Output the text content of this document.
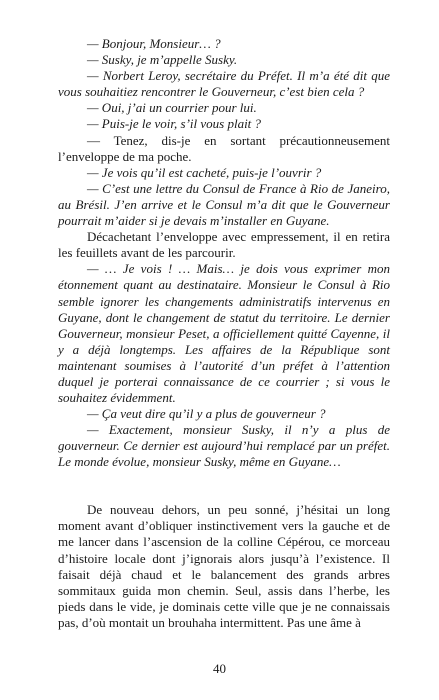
— Bonjour, Monsieur… ?

— Susky, je m’appelle Susky.

— Norbert Leroy, secrétaire du Préfet. Il m’a été dit que vous souhaitiez rencontrer le Gouverneur, c’est bien cela ?

— Oui, j’ai un courrier pour lui.

— Puis-je le voir, s’il vous plait ?

— Tenez, dis-je en sortant précautionneusement l’enveloppe de ma poche.

— Je vois qu’il est cacheté, puis-je l’ouvrir ?

— C’est une lettre du Consul de France à Rio de Janeiro, au Brésil. J’en arrive et le Consul m’a dit que le Gouverneur pourrait m’aider si je devais m’installer en Guyane.

Décachetant l’enveloppe avec empressement, il en retira les feuillets avant de les parcourir.

— … Je vois ! … Mais… je dois vous exprimer mon étonnement quant au destinataire. Monsieur le Consul à Rio semble ignorer les changements administratifs intervenus en Guyane, dont le changement de statut du territoire. Le dernier Gouverneur, monsieur Peset, a officiellement quitté Cayenne, il y a déjà longtemps. Les affaires de la République sont maintenant soumises à l’autorité d’un préfet à l’attention duquel je porterai connaissance de ce courrier ; si vous le souhaitez évidemment.

— Ça veut dire qu’il y a plus de gouverneur ?

— Exactement, monsieur Susky, il n’y a plus de gouverneur. Ce dernier est aujourd’hui remplacé par un préfet. Le monde évolue, monsieur Susky, même en Guyane…

De nouveau dehors, un peu sonné, j’hésitai un long moment avant d’obliquer instinctivement vers la gauche et de me lancer dans l’ascension de la colline Cépérou, ce morceau d’histoire locale dont j’ignorais alors jusqu’à l’existence. Il faisait déjà chaud et le balancement des grands arbres sommitaux guida mon chemin. Seul, assis dans l’herbe, les pieds dans le vide, je dominais cette ville que je ne connaissais pas, d’où montait un brouhaha intermittent. Pas une âme à

40
